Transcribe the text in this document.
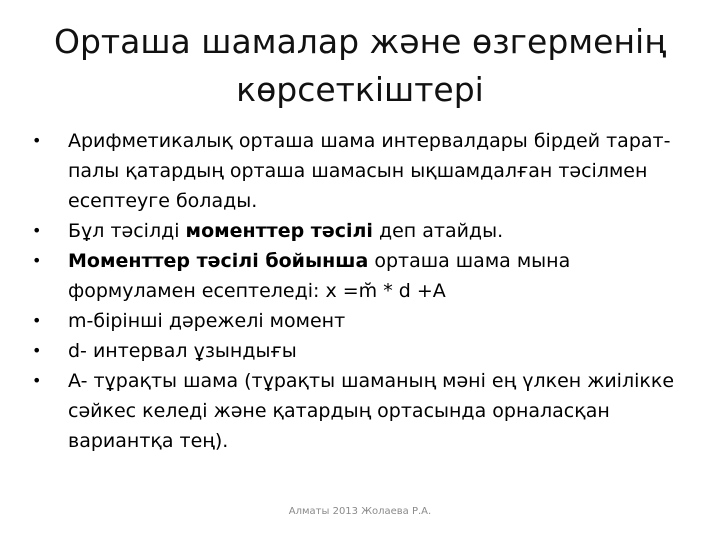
Орташа шамалар және өзгерменің
көрсеткіштері
• Арифметикалық орташа шама интервалдары бірдей таратпалы қатардың орташа шамасын ықшамдалған тәсілмен есептеуге болады.
• Бұл тәсілді моменттер тәсілі деп атайды.
• Моменттер тәсілі бойынша орташа шама мына формуламен есептеледі: x =m̆ * d +A
• m-бірінші дәрежелі момент
• d- интервал ұзындығы
• A- тұрақты шама (тұрақты шаманың мәні ең үлкен жиілікке сәйкес келеді және қатардың ортасында орналасқан вариантқа тең).
Алматы 2013 Жолаева Р.А.
